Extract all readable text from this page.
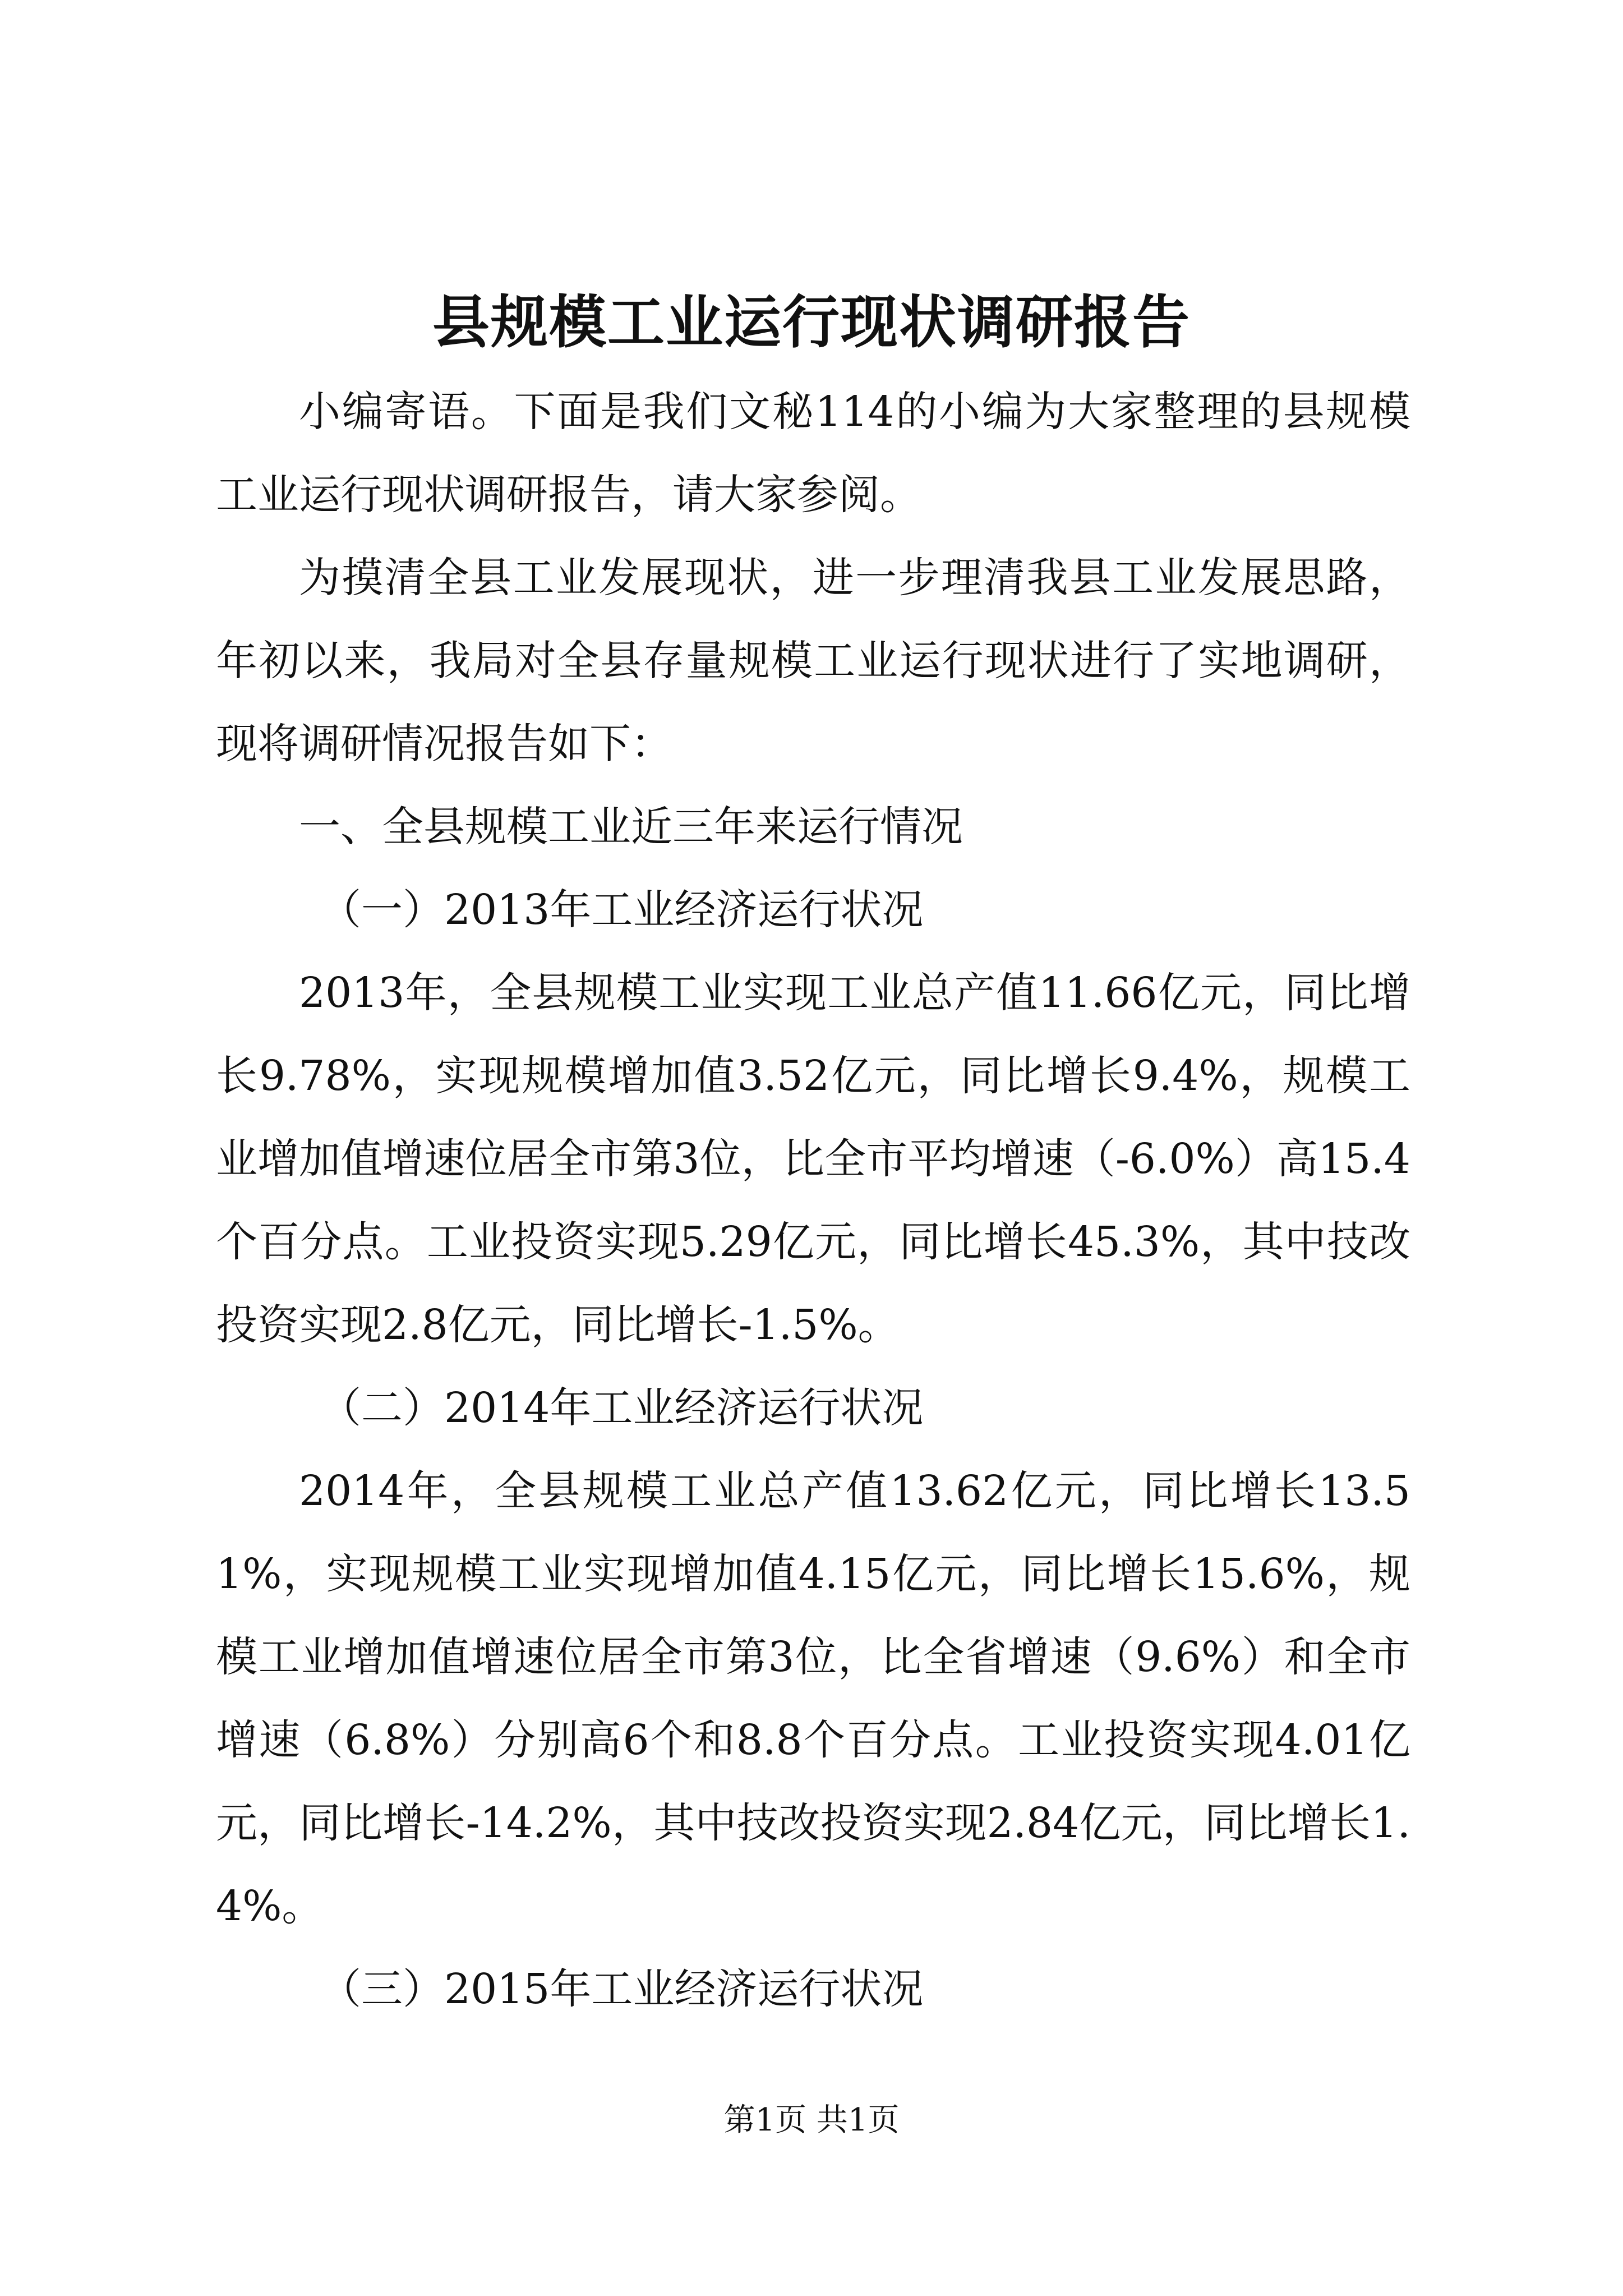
县规模工业运行现状调研报告

小编寄语。下面是我们文秘114的小编为大家整理的县规模工业运行现状调研报告，请大家参阅。

为摸清全县工业发展现状，进一步理清我县工业发展思路，年初以来，我局对全县存量规模工业运行现状进行了实地调研，现将调研情况报告如下：

一、全县规模工业近三年来运行情况

（一）2013年工业经济运行状况

2013年，全县规模工业实现工业总产值11.66亿元，同比增长9.78%，实现规模增加值3.52亿元，同比增长9.4%，规模工业增加值增速位居全市第3位，比全市平均增速（-6.0%）高15.4个百分点。工业投资实现5.29亿元，同比增长45.3%，其中技改投资实现2.8亿元，同比增长-1.5%。

（二）2014年工业经济运行状况

2014年，全县规模工业总产值13.62亿元，同比增长13.51%，实现规模工业实现增加值4.15亿元，同比增长15.6%，规模工业增加值增速位居全市第3位，比全省增速（9.6%）和全市增速（6.8%）分别高6个和8.8个百分点。工业投资实现4.01亿元，同比增长-14.2%，其中技改投资实现2.84亿元，同比增长1.4%。

（三）2015年工业经济运行状况

第1页 共1页
